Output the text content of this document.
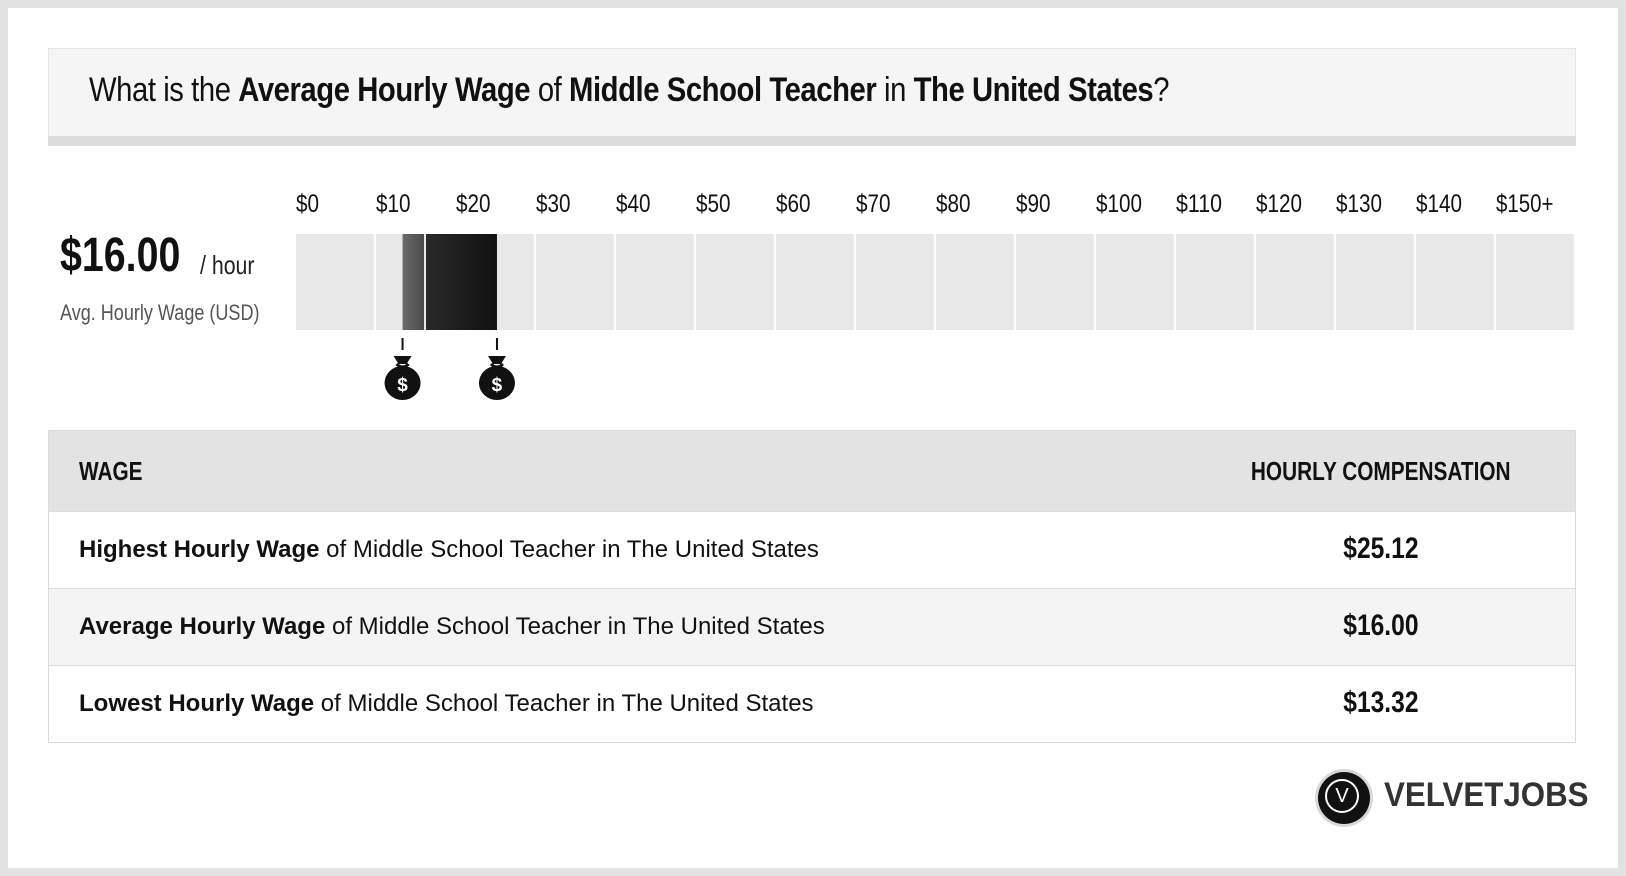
What is the Average Hourly Wage of Middle School Teacher in The United States?
$16.00 / hour
Avg. Hourly Wage (USD)
$0 $10 $20 $30 $40 $50 $60 $70 $80 $90 $100 $110 $120 $130 $140 $150+
$	$
WAGE	HOURLY COMPENSATION
Highest Hourly Wage of Middle School Teacher in The United States	$25.12
Average Hourly Wage of Middle School Teacher in The United States	$16.00
Lowest Hourly Wage of Middle School Teacher in The United States	$13.32
V	VELVETJOBS
